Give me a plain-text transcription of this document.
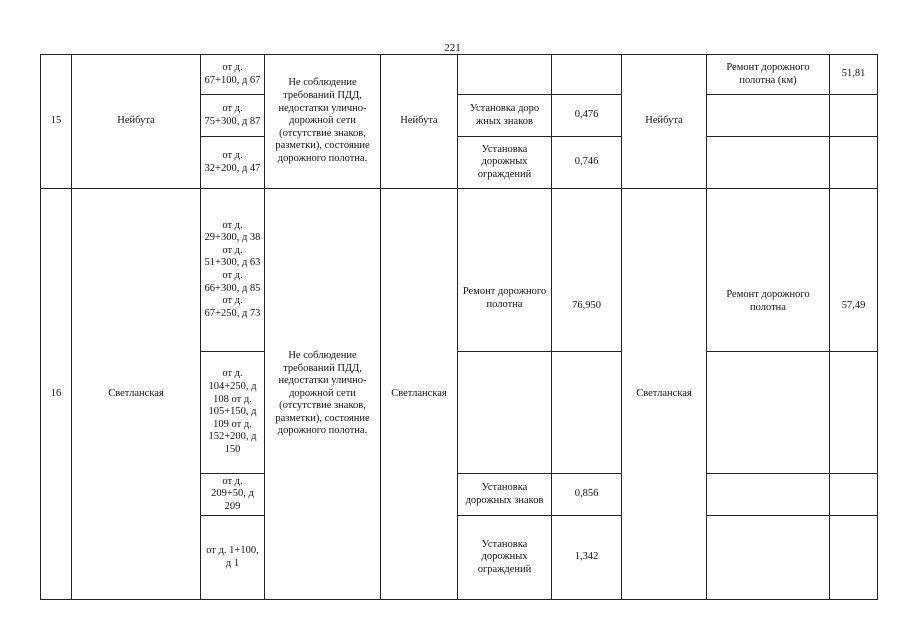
221
15	Нейбута	от д. 67+100, д 67	Не соблюдение требований ПДД, недостатки улично-дорожной сети (отсутствие знаков, разметки), состояние дорожного полотна.	Нейбута			Нейбута	Ремонт дорожного полотна (км)	51,81
		от д. 75+300, д 87			Установка доро жных знаков	0,476			
		от д. 32+200, д 47			Установка дорожных ограждений	0,746			
16	Светланская	от д. 29+300, д 38 от д. 51+300, д 63 от д. 66+300, д 85 от д. 67+250, д 73	Не соблюдение требований ПДД, недостатки улично-дорожной сети (отсутствие знаков, разметки), состояние дорожного полотна.	Светланская	Ремонт дорожного полотна	76,950	Светланская	Ремонт дорожного полотна	57,49
		от д. 104+250, д 108 от д. 105+150, д 109 от д. 152+200, д 150							
		от д. 209+50, д 209			Установка дорожных знаков	0,856			
		от д. 1+100, д 1			Установка дорожных ограждений	1,342			
